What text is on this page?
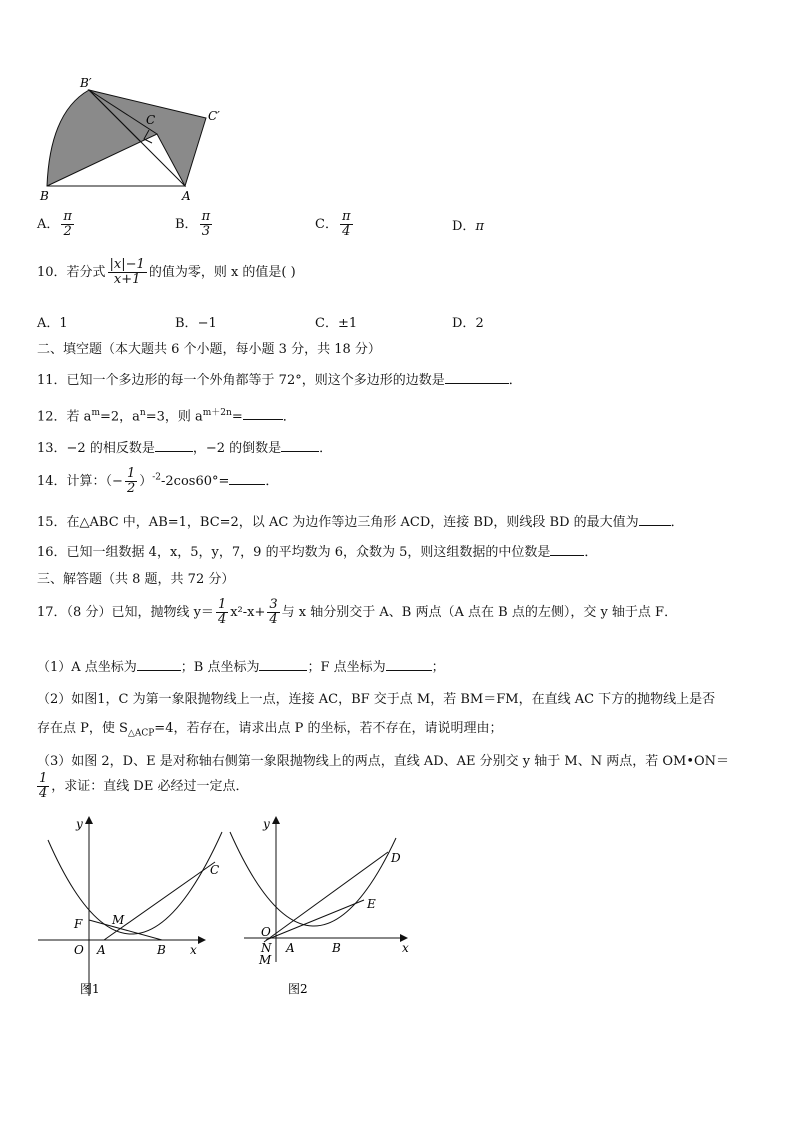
B′
C	C′
B	A
A． $\frac{\pi}{2}$	B． $\frac{\pi}{3}$	C． $\frac{\pi}{4}$	D．π
10．若分式 $\frac{|x|-1}{x+1}$ 的值为零，则 x 的值是( )
A．1	B．−1	C．±1	D．2
二、填空题（本大题共 6 个小题，每小题 3 分，共 18 分）
11．已知一个多边形的每一个外角都等于 72°，则这个多边形的边数是	．
12．若 $a^m=2$，$a^n=3$，则 $a^{m+2n}=$	．
13．−2 的相反数是	，−2 的倒数是	．
14．计算：（− $\frac{1}{2} )^{-2}-2\cos 60^\circ=$	．
15．在△ABC 中，AB=1，BC=2，以 AC 为边作等边三角形 ACD，连接 BD，则线段 BD 的最大值为 ．
16．已知一组数据 4，x，5，y，7，9 的平均数为 6，众数为 5，则这组数据的中位数是	．
三、解答题（共 8 题，共 72 分）
17．（8 分）已知，抛物线 $y= \frac{1}{4} x^2-x+ \frac{3}{4}$ 与 x 轴分别交于 A、B 两点（A 点在 B 点的左侧），交 y 轴于点 F．
（1）A 点坐标为	；B 点坐标为	；F 点坐标为	；
（2）如图1，C 为第一象限抛物线上一点，连接 AC，BF 交于点 M，若 BM＝FM，在直线 AC 下方的抛物线上是否
存在点 P，使 $S_{\triangle ACP}=4$，若存在，请求出点 P 的坐标，若不存在，请说明理由；
（3）如图 2，D、E 是对称轴右侧第一象限抛物线上的两点，直线 AD、AE 分别交 y 轴于 M、N 两点，若 OM•ON＝
$\frac{1}{4}$ ，求证：直线 DE 必经过一定点．
y
x
C
F M
O A	B
图1
y
x
D
E
O
N
M
A	B
图2
